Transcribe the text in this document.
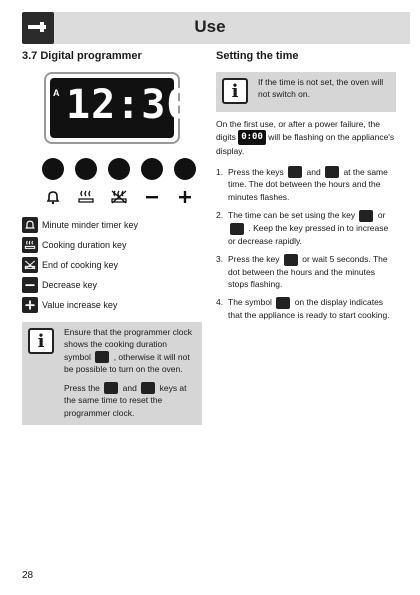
Use
3.7 Digital programmer
A 12:30
Minute minder timer key
Cooking duration key
End of cooking key
Decrease key
Value increase key
i	Ensure that the programmer clock shows the cooking duration symbol	, otherwise it will not be possible to turn on the oven.

Press the	and	keys at the same time to reset the programmer clock.

Setting the time
i	If the time is not set, the oven will not switch on.

On the first use, or after a power failure, the digits 0:00 will be flashing on the appliance's display.

1. Press the keys	and	at the same time. The dot between the hours and the minutes flashes.
2. The time can be set using the key	or  . Keep the key pressed in to increase or decrease rapidly.
3. Press the key	or wait 5 seconds. The dot between the hours and the minutes stops flashing.
4. The symbol	on the display indicates that the appliance is ready to start cooking.
28
